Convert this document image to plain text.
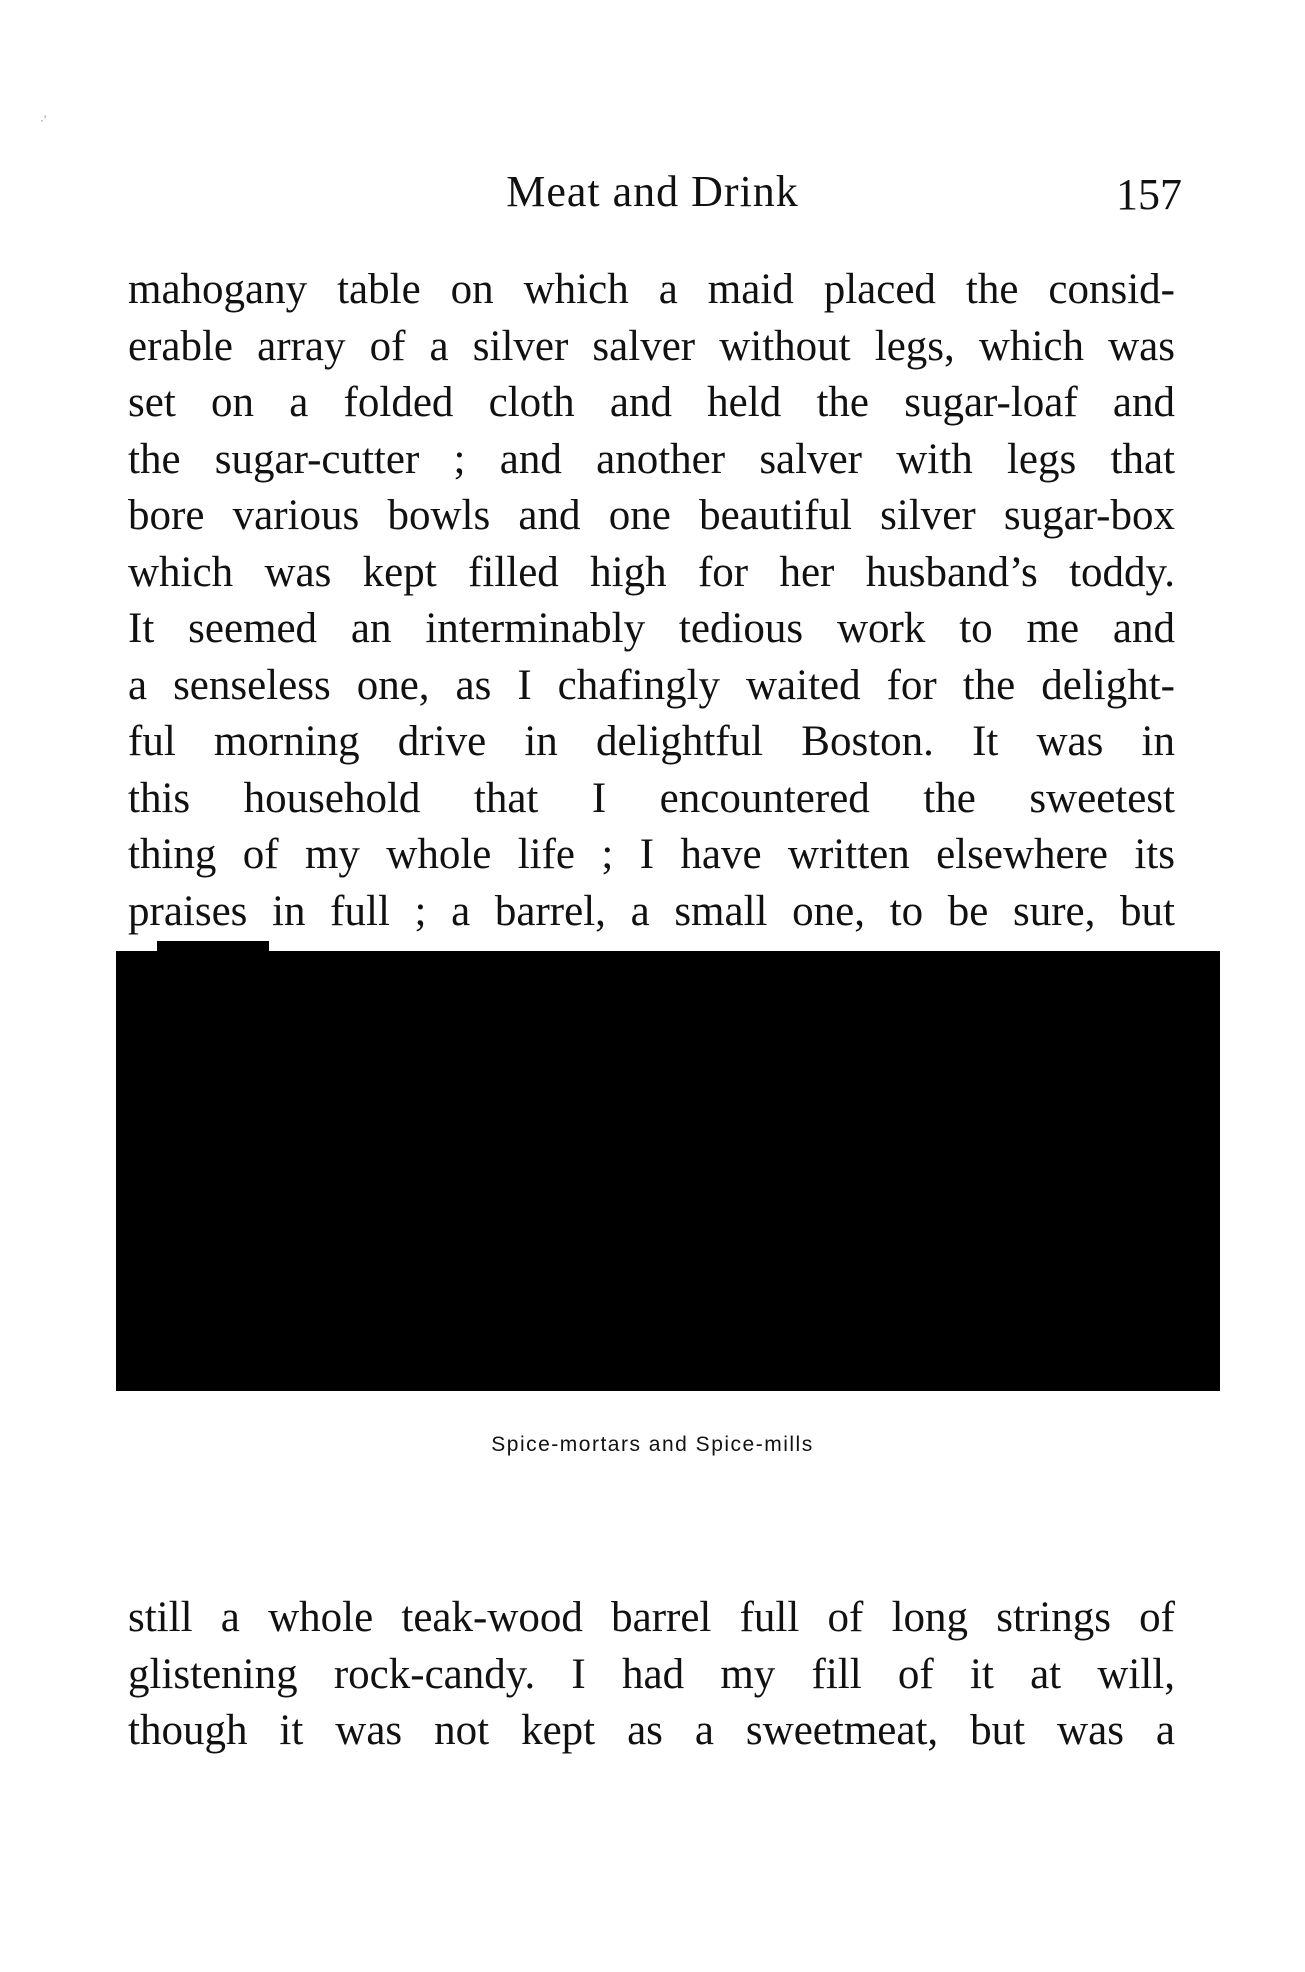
·'
Meat and Drink	157
mahogany table on which a maid placed the consid-
erable array of a silver salver without legs, which was
set on a folded cloth and held the sugar-loaf and
the sugar-cutter ; and another salver with legs that
bore various bowls and one beautiful silver sugar-box
which was kept filled high for her husband’s toddy.
It seemed an interminably tedious work to me and
a senseless one, as I chafingly waited for the delight-
ful morning drive in delightful Boston. It was in
this household that I encountered the sweetest
thing of my whole life ; I have written elsewhere its
praises in full ; a barrel, a small one, to be sure, but
Spice-mortars and Spice-mills
still a whole teak-wood barrel full of long strings of
glistening rock-candy. I had my fill of it at will,
though it was not kept as a sweetmeat, but was a
